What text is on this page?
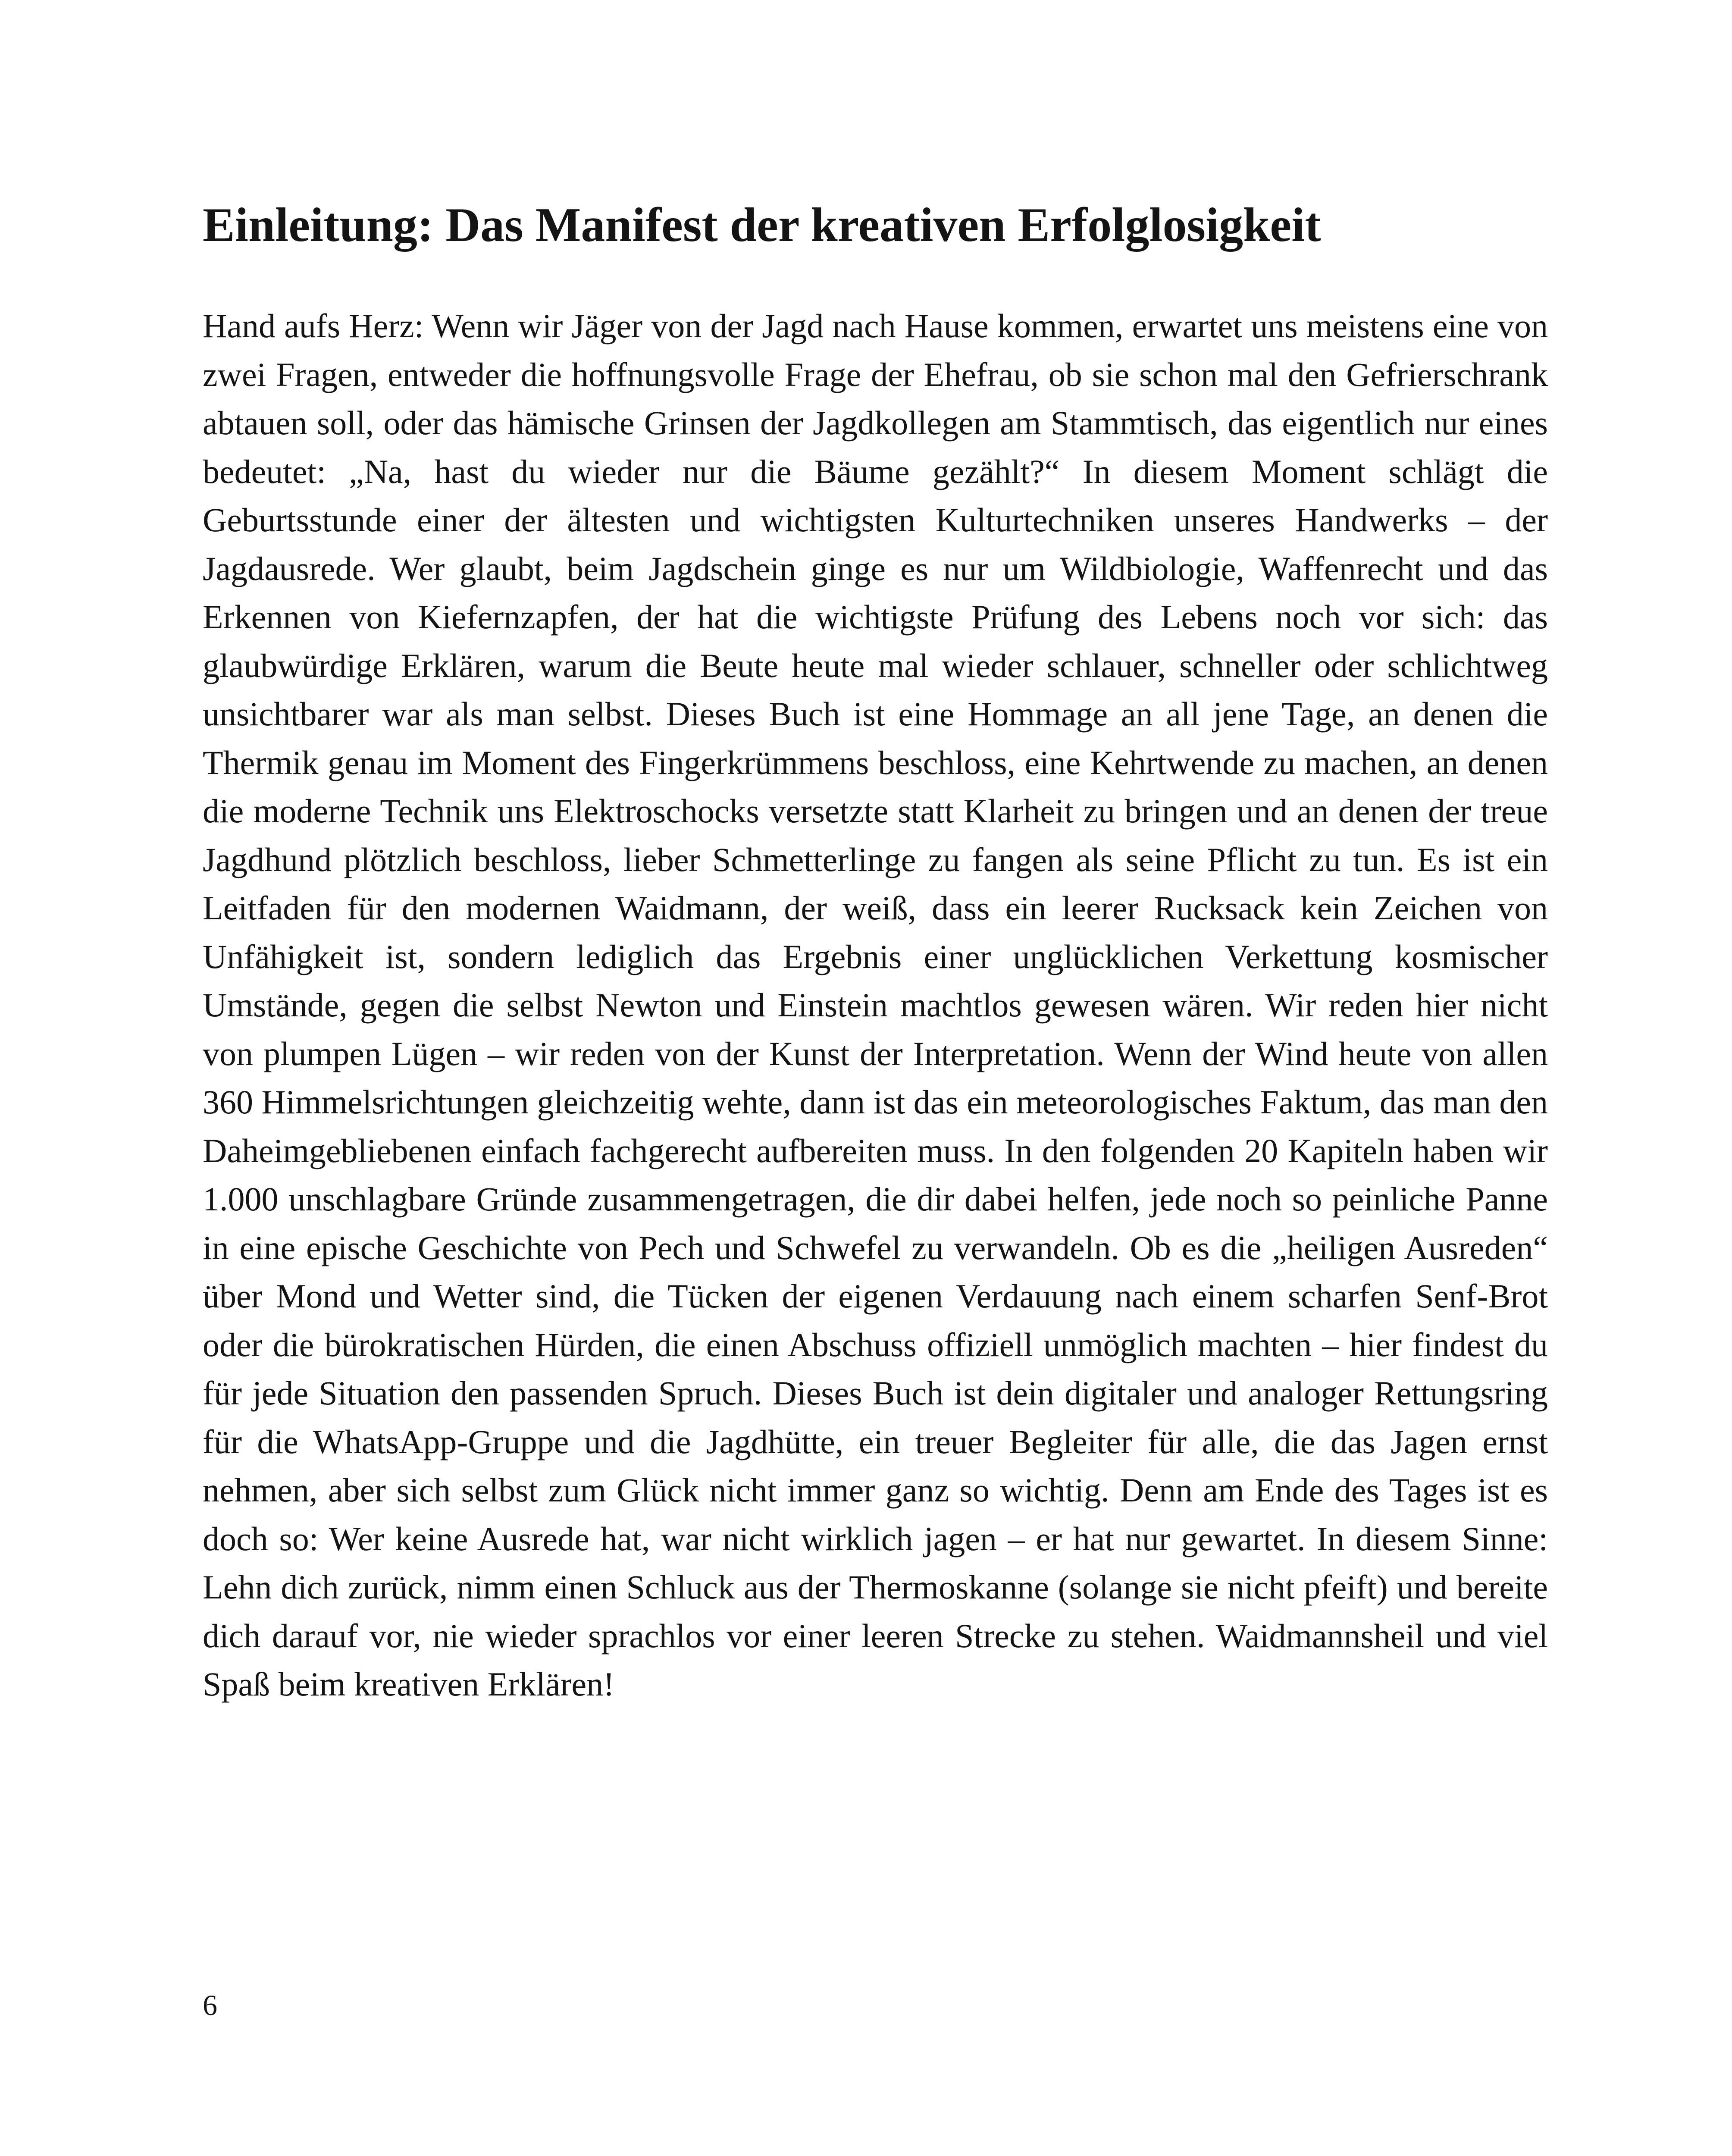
Einleitung: Das Manifest der kreativen Erfolglosigkeit

Hand aufs Herz: Wenn wir Jäger von der Jagd nach Hause kommen, erwartet uns meistens eine von zwei Fragen, entweder die hoffnungsvolle Frage der Ehefrau, ob sie schon mal den Gefrierschrank abtauen soll, oder das hämische Grinsen der Jagdkollegen am Stammtisch, das eigentlich nur eines bedeutet: „Na, hast du wieder nur die Bäume gezählt?“ In diesem Moment schlägt die Geburtsstunde einer der ältesten und wichtigsten Kulturtechniken unseres Handwerks – der Jagdausrede. Wer glaubt, beim Jagdschein ginge es nur um Wildbiologie, Waffenrecht und das Erkennen von Kiefernzapfen, der hat die wichtigste Prüfung des Lebens noch vor sich: das glaubwürdige Erklären, warum die Beute heute mal wieder schlauer, schneller oder schlichtweg unsichtbarer war als man selbst. Dieses Buch ist eine Hommage an all jene Tage, an denen die Thermik genau im Moment des Fingerkrümmens beschloss, eine Kehrtwende zu machen, an denen die moderne Technik uns Elektroschocks versetzte statt Klarheit zu bringen und an denen der treue Jagdhund plötzlich beschloss, lieber Schmetterlinge zu fangen als seine Pflicht zu tun. Es ist ein Leitfaden für den modernen Waidmann, der weiß, dass ein leerer Rucksack kein Zeichen von Unfähigkeit ist, sondern lediglich das Ergebnis einer unglücklichen Verkettung kosmischer Umstände, gegen die selbst Newton und Einstein machtlos gewesen wären. Wir reden hier nicht von plumpen Lügen – wir reden von der Kunst der Interpretation. Wenn der Wind heute von allen 360 Himmelsrichtungen gleichzeitig wehte, dann ist das ein meteorologisches Faktum, das man den Daheimgebliebenen einfach fachgerecht aufbereiten muss. In den folgenden 20 Kapiteln haben wir 1.000 unschlagbare Gründe zusammengetragen, die dir dabei helfen, jede noch so peinliche Panne in eine epische Geschichte von Pech und Schwefel zu verwandeln. Ob es die „heiligen Ausreden“ über Mond und Wetter sind, die Tücken der eigenen Verdauung nach einem scharfen Senf-Brot oder die bürokratischen Hürden, die einen Abschuss offiziell unmöglich machten – hier findest du für jede Situation den passenden Spruch. Dieses Buch ist dein digitaler und analoger Rettungsring für die WhatsApp-Gruppe und die Jagdhütte, ein treuer Begleiter für alle, die das Jagen ernst nehmen, aber sich selbst zum Glück nicht immer ganz so wichtig. Denn am Ende des Tages ist es doch so: Wer keine Ausrede hat, war nicht wirklich jagen – er hat nur gewartet. In diesem Sinne: Lehn dich zurück, nimm einen Schluck aus der Thermoskanne (solange sie nicht pfeift) und bereite dich darauf vor, nie wieder sprachlos vor einer leeren Strecke zu stehen. Waidmannsheil und viel Spaß beim kreativen Erklären!

6
